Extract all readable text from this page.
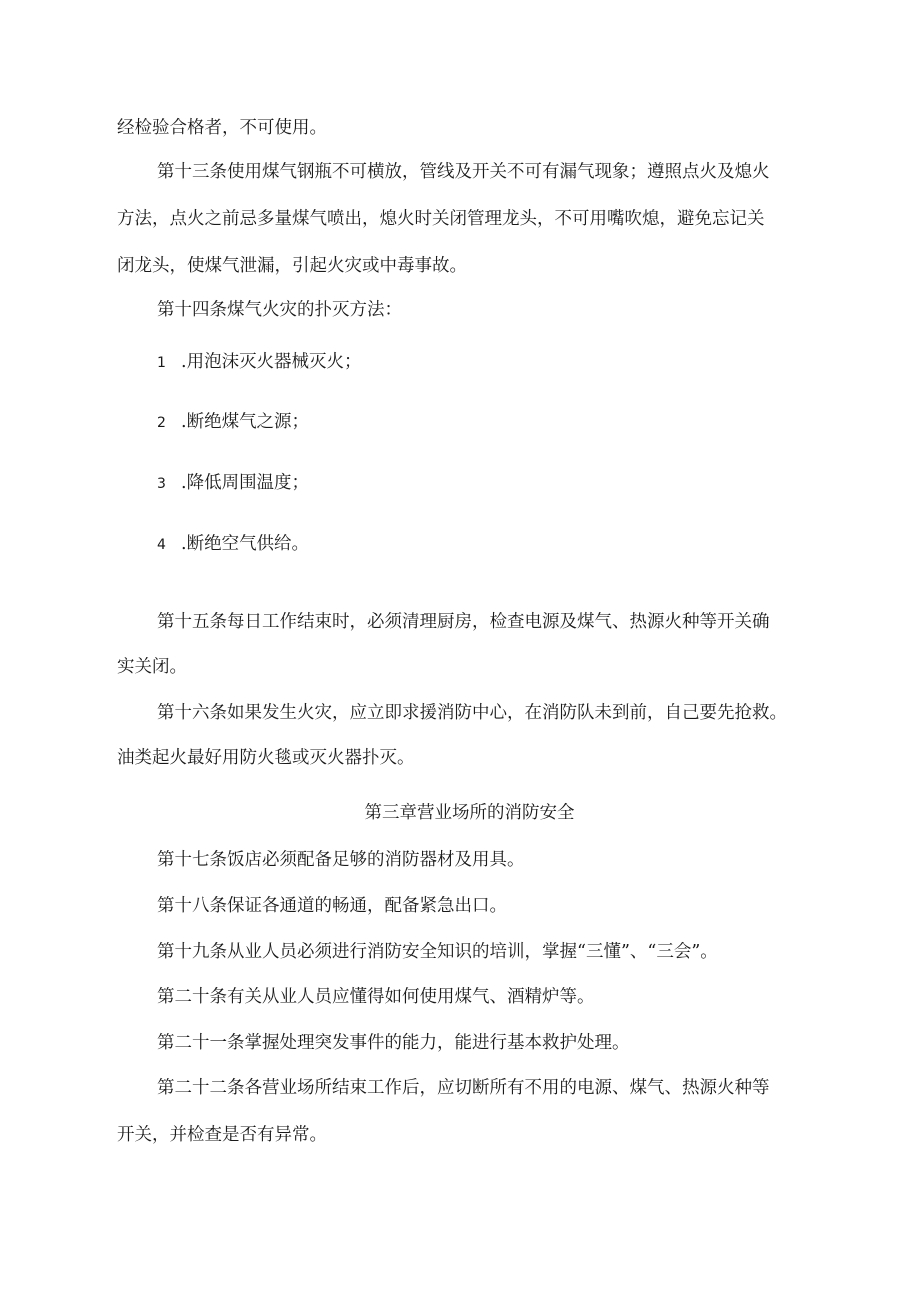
经检验合格者，不可使用。
第十三条使用煤气钢瓶不可横放，管线及开关不可有漏气现象；遵照点火及熄火
方法，点火之前忌多量煤气喷出，熄火时关闭管理龙头，不可用嘴吹熄，避免忘记关
闭龙头，使煤气泄漏，引起火灾或中毒事故。
第十四条煤气火灾的扑灭方法：
1 .用泡沫灭火器械灭火；
2 .断绝煤气之源；
3 .降低周围温度；
4 .断绝空气供给。
第十五条每日工作结束时，必须清理厨房，检查电源及煤气、热源火种等开关确
实关闭。
第十六条如果发生火灾，应立即求援消防中心，在消防队未到前，自己要先抢救。
油类起火最好用防火毯或灭火器扑灭。
第三章营业场所的消防安全
第十七条饭店必须配备足够的消防器材及用具。
第十八条保证各通道的畅通，配备紧急出口。
第十九条从业人员必须进行消防安全知识的培训，掌握“三懂”、“三会”。
第二十条有关从业人员应懂得如何使用煤气、酒精炉等。
第二十一条掌握处理突发事件的能力，能进行基本救护处理。
第二十二条各营业场所结束工作后，应切断所有不用的电源、煤气、热源火种等
开关，并检查是否有异常。
